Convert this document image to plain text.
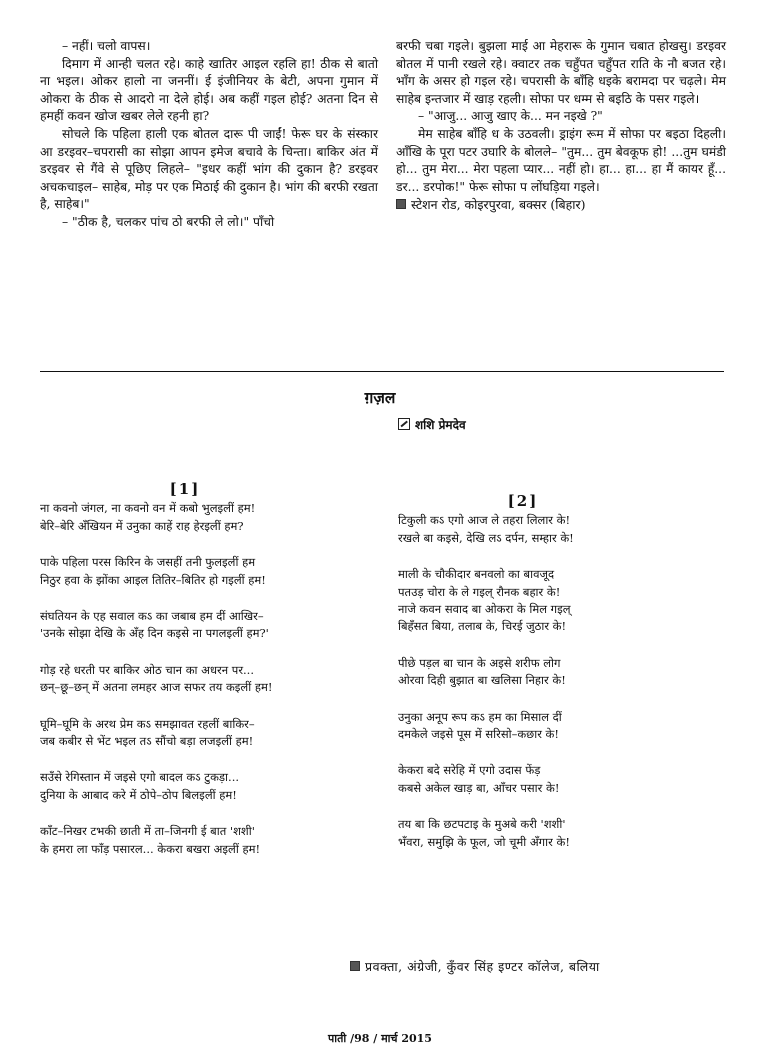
– नहीं। चलो वापस।

दिमाग में आन्ही चलत रहे। काहे खातिर आइल रहलि हा! ठीक से बातो ना भइल। ओकर हालो ना जननीं। ई इंजीनियर के बेटी, अपना गुमान में ओकरा के ठीक से आदरो ना देले होई। अब कहीं गइल होई? अतना दिन से हमहीं कवन खोज खबर लेले रहनी हा?

सोचले कि पहिला हाली एक बोतल दारू पी जाईं! फेरू घर के संस्कार आ डरइवर–चपरासी का सोझा आपन इमेज बचावे के चिन्ता। बाकिर अंत में डरइवर से गैंवे से पूछिए लिहले– "इधर कहीं भांग की दुकान है? डरइवर अचकचाइल– साहेब, मोड़ पर एक मिठाई की दुकान है। भांग की बरफी रखता है, साहेब।"

– "ठीक है, चलकर पांच ठो बरफी ले लो।" पाँचो

बरफी चबा गइले। बुझला माई आ मेहरारू के गुमान चबात होखसु। डरइवर बोतल में पानी रखले रहे। क्वाटर तक चहुँपत चहुँपत राति के नौ बजत रहे। भाँग के असर हो गइल रहे। चपरासी के बाँहि धइके बरामदा पर चढ़ले। मेम साहेब इन्तजार में खाड़ रहली। सोफा पर धम्म से बइठि के पसर गइले।

– "आजु... आजु खाए के... मन नइखे ?"

मेम साहेब बाँहि ध के उठवली। ड्राइंग रूम में सोफा पर बइठा दिहली। आँखि के पूरा पटर उघारि के बोलले– "तुम... तुम बेवकूफ हो! ...तुम घमंडी हो... तुम मेरा... मेरा पहला प्यार... नहीं हो। हा... हा... हा मैं कायर हूँ... डर... डरपोक!" फेरू सोफा प लोंघड़िया गइले।

स्टेशन रोड, कोइरपुरवा, बक्सर (बिहार)

ग़ज़ल
शशि प्रेमदेव
[1]
ना कवनो जंगल, ना कवनो वन में कबो भुलइलीं हम!
बेरि–बेरि अँखियन में उनुका काहें राह हेरइलीं हम?
पाके पहिला परस किरिन के जसहीं तनी फुलइलीं हम
निठुर हवा के झोंका आइल तितिर–बितिर हो गइलीं हम!
संघतियन के एह सवाल कऽ का जबाब हम दीं आखिर–
'उनके सोझा देखि के अँह दिन कइसे ना पगलइलीं हम?'
गोड़ रहे धरती पर बाकिर ओठ चान का अधरन पर...
छन्–छू–छन् में अतना लमहर आज सफर तय कइलीं हम!
घूमि–घूमि के अरथ प्रेम कऽ समझावत रहलीं बाकिर–
जब कबीर से भेंट भइल तऽ सौंचो बड़ा लजइलीं हम!
सउँसे रेगिस्तान में जइसे एगो बादल कऽ टुकड़ा...
दुनिया के आबाद करे में ठोपे–ठोप बिलइलीं हम!
काँट–निखर टभकी छाती में ता–जिनगी ई बात 'शशी'
के हमरा ला फाँड़ पसारल... केकरा बखरा अइलीं हम!
[2]
टिकुली कऽ एगो आज ले तहरा लिलार के!
रखले बा कइसे, देखि लऽ दर्पन, सम्हार के!
माली के चौकीदार बनवलो का बावजूद
पतउड़ चोरा के ले गइल् रौनक बहार के!
नाजे कवन सवाद बा ओकरा के मिल गइल्
बिहँसत बिया, तलाब के, चिरई जुठार के!
पीछे पड़ल बा चान के अइसे शरीफ लोग
ओरवा दिही बुझात बा खलिसा निहार के!
उनुका अनूप रूप कऽ हम का मिसाल दीं
दमकेले जइसे पूस में सरिसो–कछार के!
केकरा बदे सरेहि में एगो उदास फेंड़
कबसे अकेल खाड़ बा, आँचर पसार के!
तय बा कि छटपटाइ के मुअबे करी 'शशी'
भँवरा, समुझि के फूल, जो चूमी अँगार के!
प्रवक्ता, अंग्रेजी, कुँवर सिंह इण्टर कॉलेज, बलिया
पाती /98 / मार्च 2015
